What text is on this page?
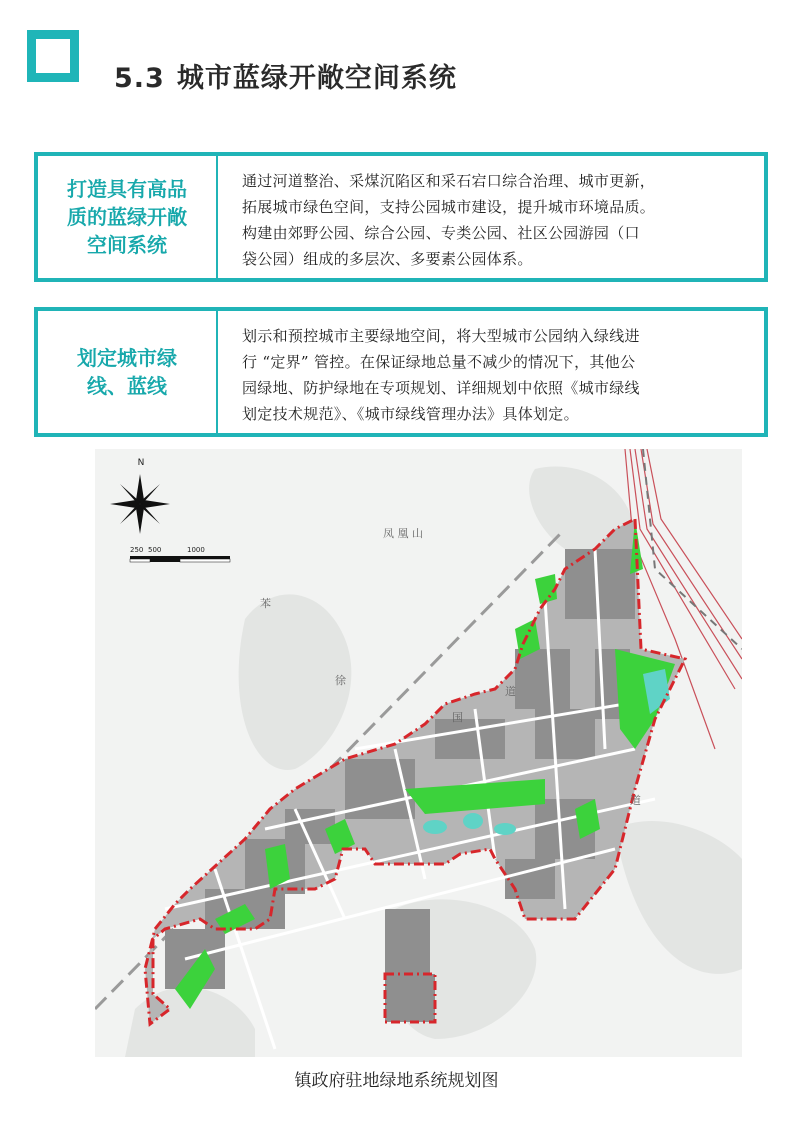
5.3 城市蓝绿开敞空间系统
打造具有高品
质的蓝绿开敞
空间系统
通过河道整治、采煤沉陷区和采石宕口综合治理、城市更新，
拓展城市绿色空间，支持公园城市建设，提升城市环境品质。
构建由郊野公园、综合公园、专类公园、社区公园游园（口
袋公园）组成的多层次、多要素公园体系。
划定城市绿
线、蓝线
划示和预控城市主要绿地空间，将大型城市公园纳入绿线进
行 “定界” 管控。在保证绿地总量不减少的情况下，其他公
园绿地、防护绿地在专项规划、详细规划中依照《城市绿线
划定技术规范》、《城市绿线管理办法》具体划定。
N
250 500	1000
凤 凰 山
苯
徐
道
国
道
镇政府驻地绿地系统规划图
